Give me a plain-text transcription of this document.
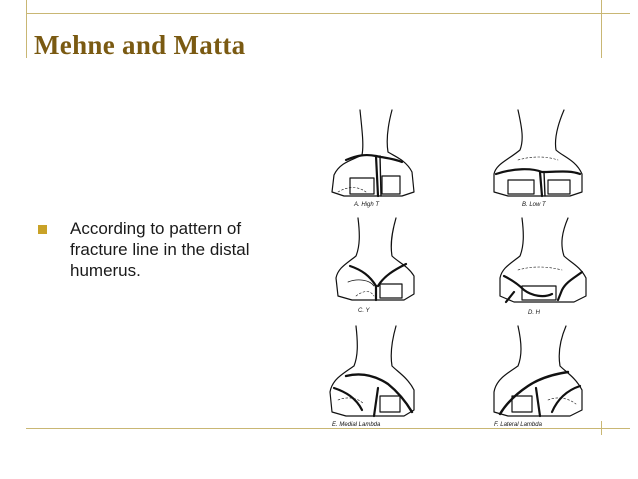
Mehne and Matta
According to pattern of fracture line in the distal humerus.
A. High T	B. Low T
C. Y	D. H
E. Medial Lambda	F. Lateral Lambda
